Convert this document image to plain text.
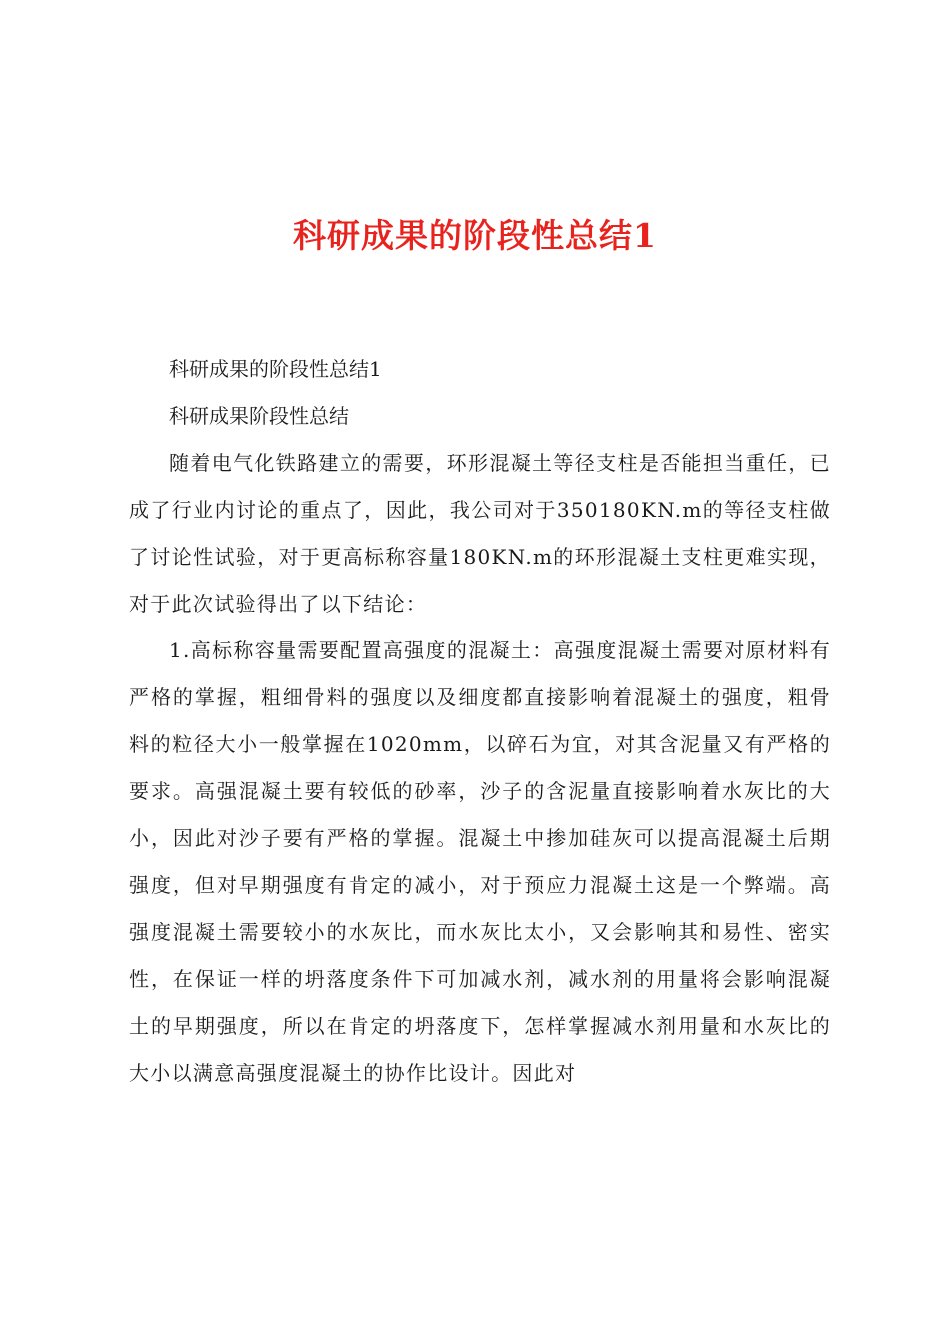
科研成果的阶段性总结1

科研成果的阶段性总结1

科研成果阶段性总结

随着电气化铁路建立的需要，环形混凝土等径支柱是否能担当重任，已成了行业内讨论的重点了，因此，我公司对于350180KN.m的等径支柱做了讨论性试验，对于更高标称容量180KN.m的环形混凝土支柱更难实现，对于此次试验得出了以下结论：

1.高标称容量需要配置高强度的混凝土：高强度混凝土需要对原材料有严格的掌握，粗细骨料的强度以及细度都直接影响着混凝土的强度，粗骨料的粒径大小一般掌握在1020mm，以碎石为宜，对其含泥量又有严格的要求。高强混凝土要有较低的砂率，沙子的含泥量直接影响着水灰比的大小，因此对沙子要有严格的掌握。混凝土中掺加硅灰可以提高混凝土后期强度，但对早期强度有肯定的减小，对于预应力混凝土这是一个弊端。高强度混凝土需要较小的水灰比，而水灰比太小，又会影响其和易性、密实性，在保证一样的坍落度条件下可加减水剂，减水剂的用量将会影响混凝土的早期强度，所以在肯定的坍落度下，怎样掌握减水剂用量和水灰比的大小以满意高强度混凝土的协作比设计。因此对
